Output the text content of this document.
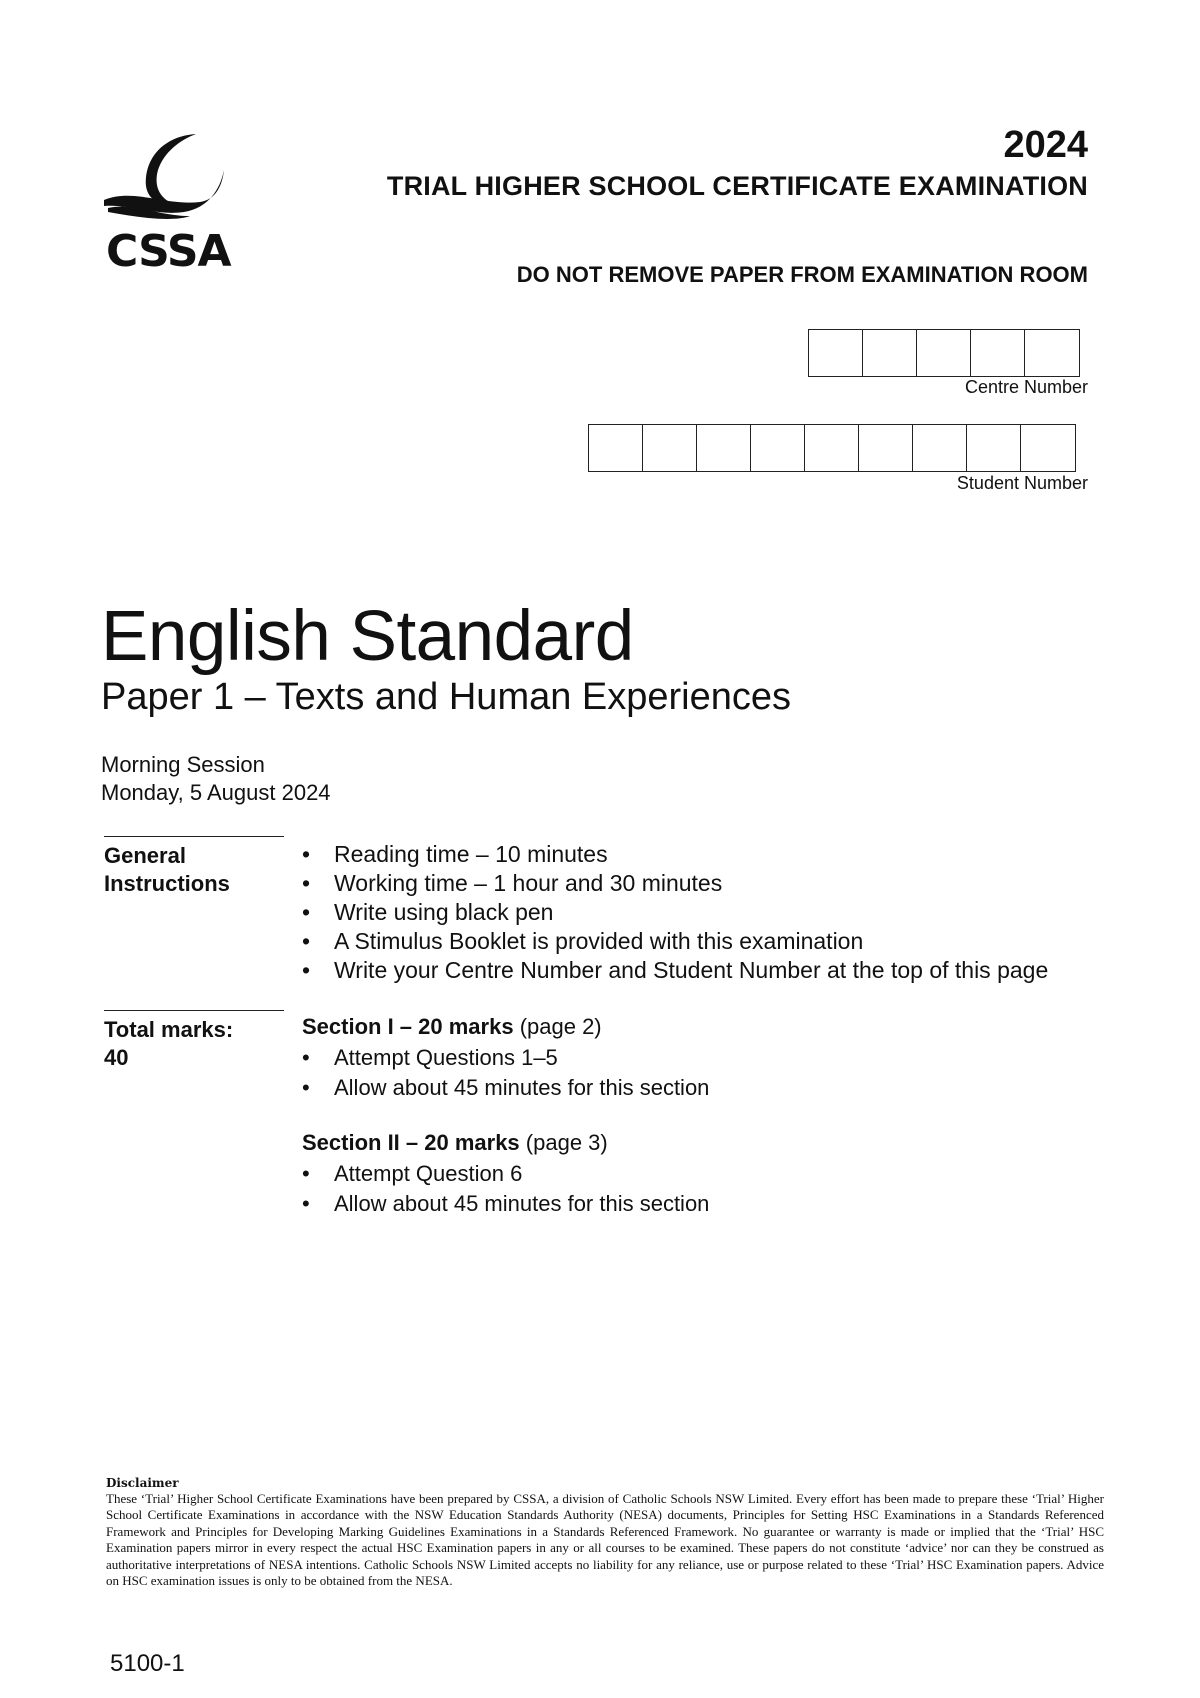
CSSA
2024
TRIAL HIGHER SCHOOL CERTIFICATE EXAMINATION
DO NOT REMOVE PAPER FROM EXAMINATION ROOM
Centre Number
Student Number
English Standard
Paper 1 – Texts and Human Experiences
Morning Session
Monday, 5 August 2024
General
Instructions
• Reading time – 10 minutes
• Working time – 1 hour and 30 minutes
• Write using black pen
• A Stimulus Booklet is provided with this examination
• Write your Centre Number and Student Number at the top of this page
Total marks:
40
Section I – 20 marks (page 2)
• Attempt Questions 1–5
• Allow about 45 minutes for this section
Section II – 20 marks (page 3)
• Attempt Question 6
• Allow about 45 minutes for this section
Disclaimer
These ‘Trial’ Higher School Certificate Examinations have been prepared by CSSA, a division of Catholic Schools NSW Limited. Every effort has been made to prepare these ‘Trial’ Higher School Certificate Examinations in accordance with the NSW Education Standards Authority (NESA) documents, Principles for Setting HSC Examinations in a Standards Referenced Framework and Principles for Developing Marking Guidelines Examinations in a Standards Referenced Framework. No guarantee or warranty is made or implied that the ‘Trial’ HSC Examination papers mirror in every respect the actual HSC Examination papers in any or all courses to be examined. These papers do not constitute ‘advice’ nor can they be construed as authoritative interpretations of NESA intentions. Catholic Schools NSW Limited accepts no liability for any reliance, use or purpose related to these ‘Trial’ HSC Examination papers. Advice on HSC examination issues is only to be obtained from the NESA.
5100-1
